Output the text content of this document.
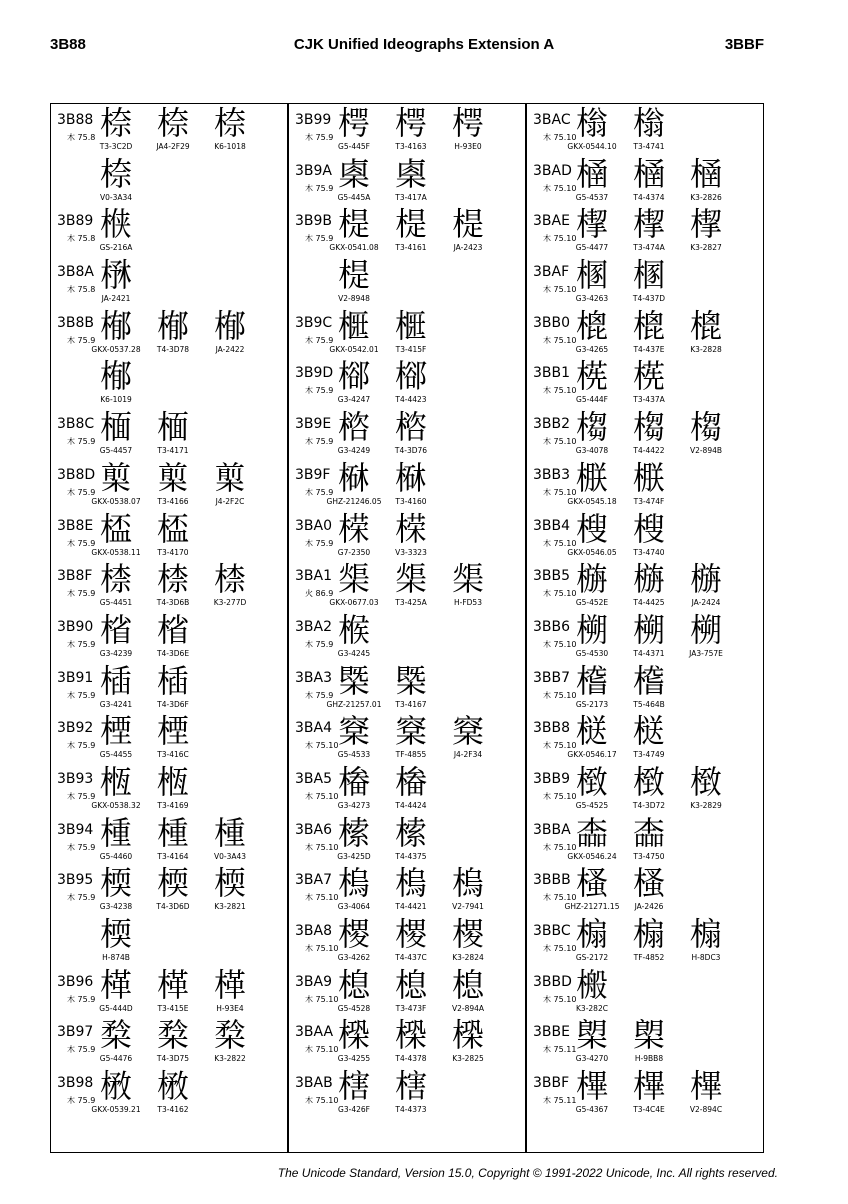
3B88	CJK Unified Ideographs Extension A	3BBF
3B88
木 75.8 㮈
T3-3C2D
㮈
JA4-2F29
㮈
K6-1018
㮈
V0-3A34
3B89
木 75.8 㮉
GS-216A
3B8A
木 75.8 㮊
JA-2421
3B8B
木 75.9 㮋
GKX-0537.28
㮋
T4-3D78
㮋
JA-2422
㮋
K6-1019
3B8C
木 75.9 㮌
G5-4457
㮌
T3-4171
3B8D
木 75.9 㮍
GKX-0538.07
㮍
T3-4166
㮍
J4-2F2C
3B8E
木 75.9 㮎
GKX-0538.11
㮎
T3-4170
3B8F
木 75.9 㮏
G5-4451
㮏
T4-3D6B
㮏
K3-277D
3B90
木 75.9 㮐
G3-4239
㮐
T4-3D6E
3B91
木 75.9 㮑
G3-4241
㮑
T4-3D6F
3B92
木 75.9 㮒
G5-4455
㮒
T3-416C
3B93
木 75.9 㮓
GKX-0538.32
㮓
T3-4169
3B94
木 75.9 㮔
G5-4460
㮔
T3-4164
㮔
V0-3A43
3B95
木 75.9 㮕
G3-4238
㮕
T4-3D6D
㮕
K3-2821
㮕
H-874B
3B96
木 75.9 㮖
G5-444D
㮖
T3-415E
㮖
H-93E4
3B97
木 75.9 㮗
G5-4476
㮗
T4-3D75
㮗
K3-2822
3B98
木 75.9 㮘
GKX-0539.21
㮘
T3-4162
3B99
木 75.9 㮙
G5-445F
㮙
T3-4163
㮙
H-93E0
3B9A
木 75.9 㮚
G5-445A
㮚
T3-417A
3B9B
木 75.9 㮛
GKX-0541.08
㮛
T3-4161
㮛
JA-2423
㮛
V2-8948
3B9C
木 75.9 㮜
GKX-0542.01
㮜
T3-415F
3B9D
木 75.9 㮝
G3-4247
㮝
T4-4423
3B9E
木 75.9 㮞
G3-4249
㮞
T4-3D76
3B9F
木 75.9 㮟
GHZ-21246.05
㮟
T3-4160
3BA0
木 75.9 㮠
G7-2350
㮠
V3-3323
3BA1
火 86.9 㮡
GKX-0677.03
㮡
T3-425A
㮡
H-FD53
3BA2
木 75.9 㮢
G3-4245
3BA3
木 75.9 㮣
GHZ-21257.01
㮣
T3-4167
3BA4
木 75.10 㮤
G5-4533
㮤
TF-4855
㮤
J4-2F34
3BA5
木 75.10 㮥
G3-4273
㮥
T4-4424
3BA6
木 75.10 㮦
G3-425D
㮦
T4-4375
3BA7
木 75.10 㮧
G3-4064
㮧
T4-4421
㮧
V2-7941
3BA8
木 75.10 㮨
G3-4262
㮨
T4-437C
㮨
K3-2824
3BA9
木 75.10 㮩
G5-4528
㮩
T3-473F
㮩
V2-894A
3BAA
木 75.10 㮪
G3-4255
㮪
T4-4378
㮪
K3-2825
3BAB
木 75.10 㮫
G3-426F
㮫
T4-4373
3BAC
木 75.10 㮬
GKX-0544.10
㮬
T3-4741
3BAD
木 75.10 㮭
G5-4537
㮭
T4-4374
㮭
K3-2826
3BAE
木 75.10 㮮
G5-4477
㮮
T3-474A
㮮
K3-2827
3BAF
木 75.10 㮯
G3-4263
㮯
T4-437D
3BB0
木 75.10 㮰
G3-4265
㮰
T4-437E
㮰
K3-2828
3BB1
木 75.10 㮱
G5-444F
㮱
T3-437A
3BB2
木 75.10 㮲
G3-4078
㮲
T4-4422
㮲
V2-894B
3BB3
木 75.10 㮳
GKX-0545.18
㮳
T3-474F
3BB4
木 75.10 㮴
GKX-0546.05
㮴
T3-4740
3BB5
木 75.10 㮵
G5-452E
㮵
T4-4425
㮵
JA-2424
3BB6
木 75.10 㮶
G5-4530
㮶
T4-4371
㮶
JA3-757E
3BB7
木 75.10 㮷
GS-2173
㮷
T5-464B
3BB8
木 75.10 㮸
GKX-0546.17
㮸
T3-4749
3BB9
木 75.10 㮹
G5-4525
㮹
T4-3D72
㮹
K3-2829
3BBA
木 75.10 㮺
GKX-0546.24
㮺
T3-4750
3BBB
木 75.10 㮻
GHZ-21271.15
㮻
JA-2426
3BBC
木 75.10 㮼
GS-2172
㮼
TF-4852
㮼
H-8DC3
3BBD
木 75.10 㮽
K3-282C
3BBE
木 75.11 㮾
G3-4270
㮾
H-9BB8
3BBF
木 75.11 㮿
G5-4367
㮿
T3-4C4E
㮿
V2-894C
The Unicode Standard, Version 15.0, Copyright © 1991-2022 Unicode, Inc. All rights reserved.
